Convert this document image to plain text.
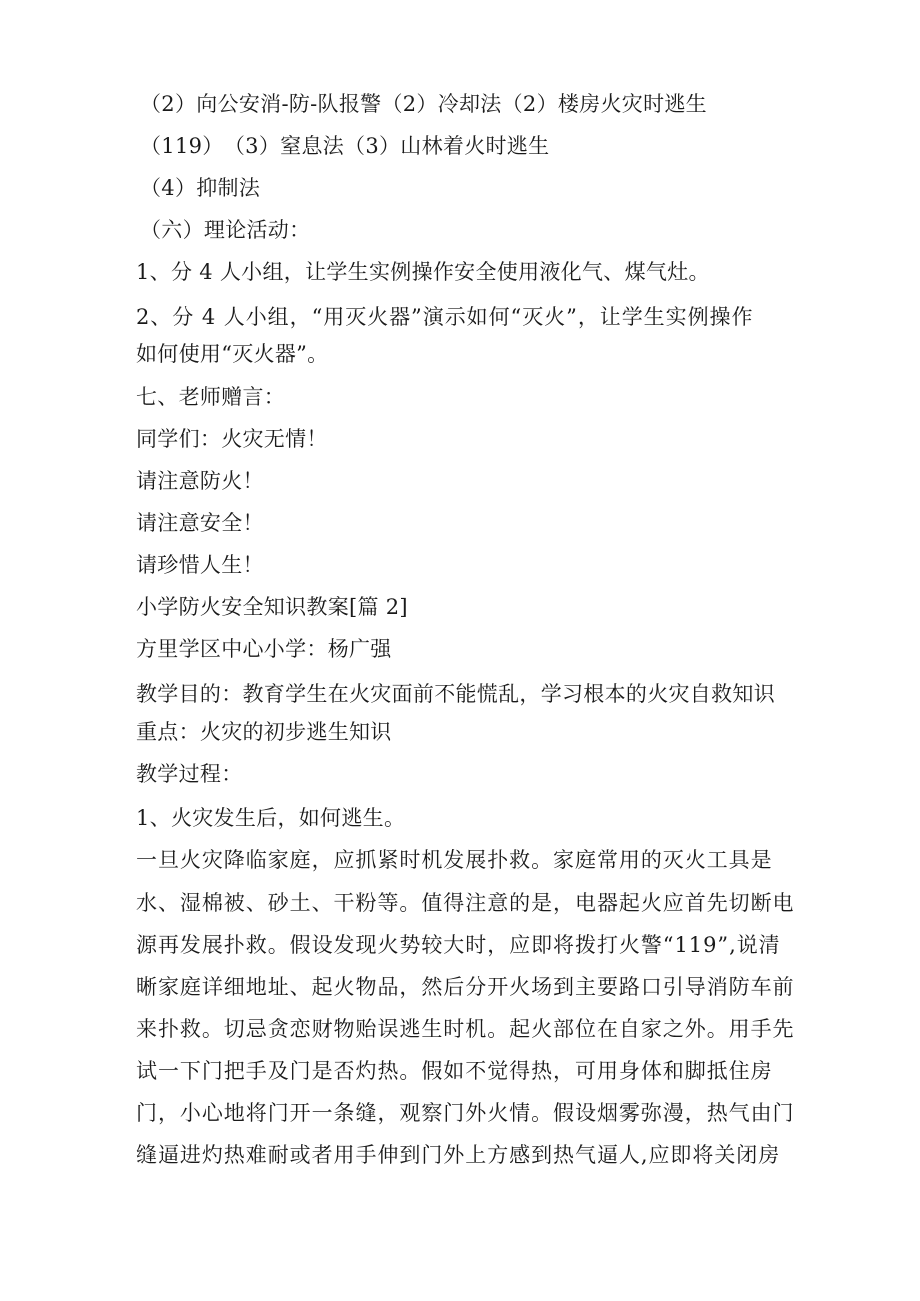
（2）向公安消-防-队报警（2）冷却法（2）楼房火灾时逃生
（119）　（3）窒息法（3）山林着火时逃生
（4）抑制法
（六）理论活动：
1、分 4 人小组，让学生实例操作安全使用液化气、煤气灶。
2、分 4 人小组，“用灭火器”演示如何“灭火”，让学生实例操作
如何使用“灭火器”。
七、老师赠言：
同学们：火灾无情！
请注意防火！
请注意安全！
请珍惜人生！
小学防火安全知识教案[篇 2]
方里学区中心小学：杨广强
教学目的：教育学生在火灾面前不能慌乱，学习根本的火灾自救知识
重点：火灾的初步逃生知识
教学过程：
1、火灾发生后，如何逃生。
一旦火灾降临家庭，应抓紧时机发展扑救。家庭常用的灭火工具是
水、湿棉被、砂土、干粉等。值得注意的是，电器起火应首先切断电
源再发展扑救。假设发现火势较大时，应即将拨打火警“119”,说清
晰家庭详细地址、起火物品，然后分开火场到主要路口引导消防车前
来扑救。切忌贪恋财物贻误逃生时机。起火部位在自家之外。用手先
试一下门把手及门是否灼热。假如不觉得热，可用身体和脚抵住房
门，小心地将门开一条缝，观察门外火情。假设烟雾弥漫，热气由门
缝逼进灼热难耐或者用手伸到门外上方感到热气逼人,应即将关闭房
